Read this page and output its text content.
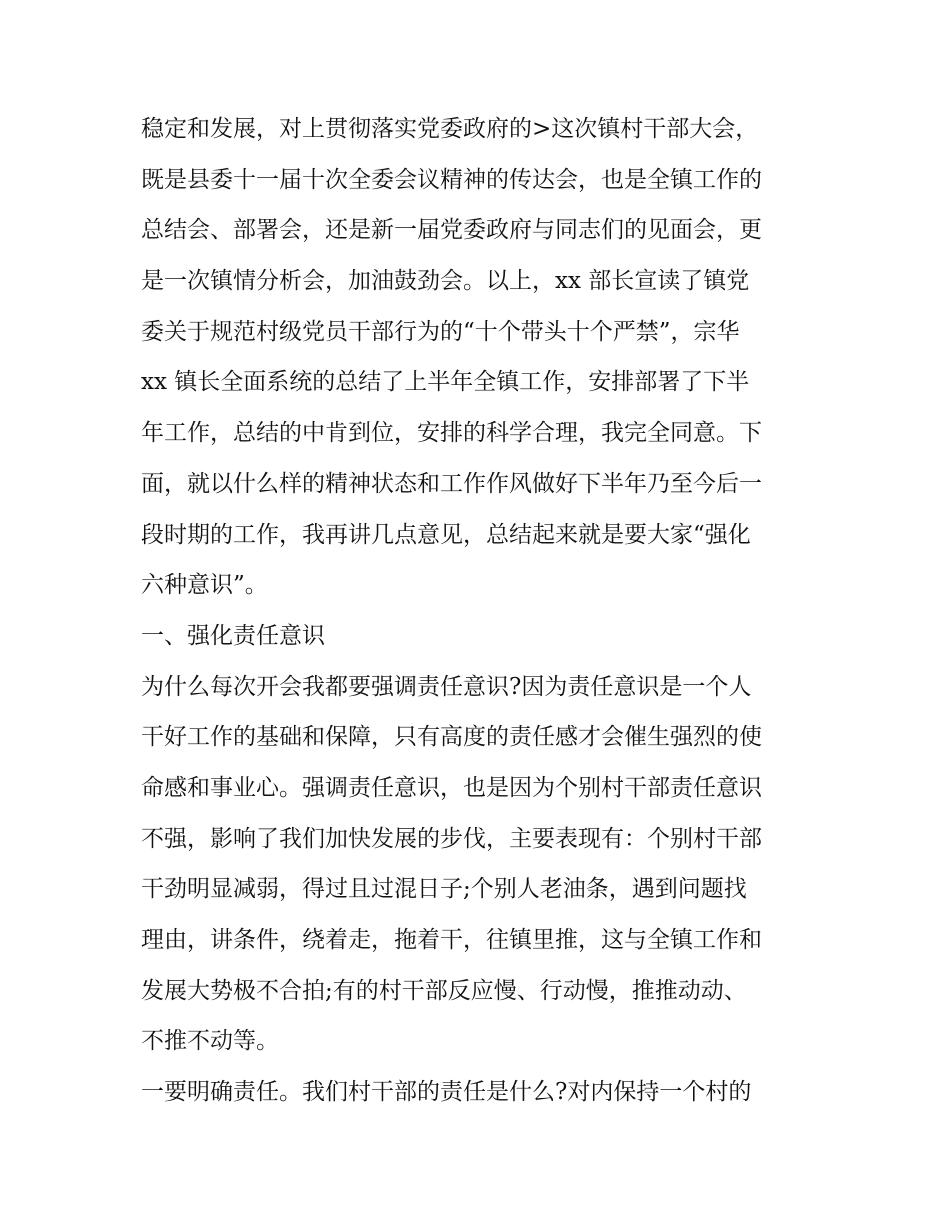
稳定和发展，对上贯彻落实党委政府的>这次镇村干部大会，
既是县委十一届十次全委会议精神的传达会，也是全镇工作的
总结会、部署会，还是新一届党委政府与同志们的见面会，更
是一次镇情分析会，加油鼓劲会。以上，xx 部长宣读了镇党
委关于规范村级党员干部行为的“十个带头十个严禁”，宗华
xx 镇长全面系统的总结了上半年全镇工作，安排部署了下半
年工作，总结的中肯到位，安排的科学合理，我完全同意。下
面，就以什么样的精神状态和工作作风做好下半年乃至今后一
段时期的工作，我再讲几点意见，总结起来就是要大家“强化
六种意识”。
一、强化责任意识
为什么每次开会我都要强调责任意识?因为责任意识是一个人
干好工作的基础和保障，只有高度的责任感才会催生强烈的使
命感和事业心。强调责任意识，也是因为个别村干部责任意识
不强，影响了我们加快发展的步伐，主要表现有：个别村干部
干劲明显减弱，得过且过混日子;个别人老油条，遇到问题找
理由，讲条件，绕着走，拖着干，往镇里推，这与全镇工作和
发展大势极不合拍;有的村干部反应慢、行动慢，推推动动、
不推不动等。
一要明确责任。我们村干部的责任是什么?对内保持一个村的
